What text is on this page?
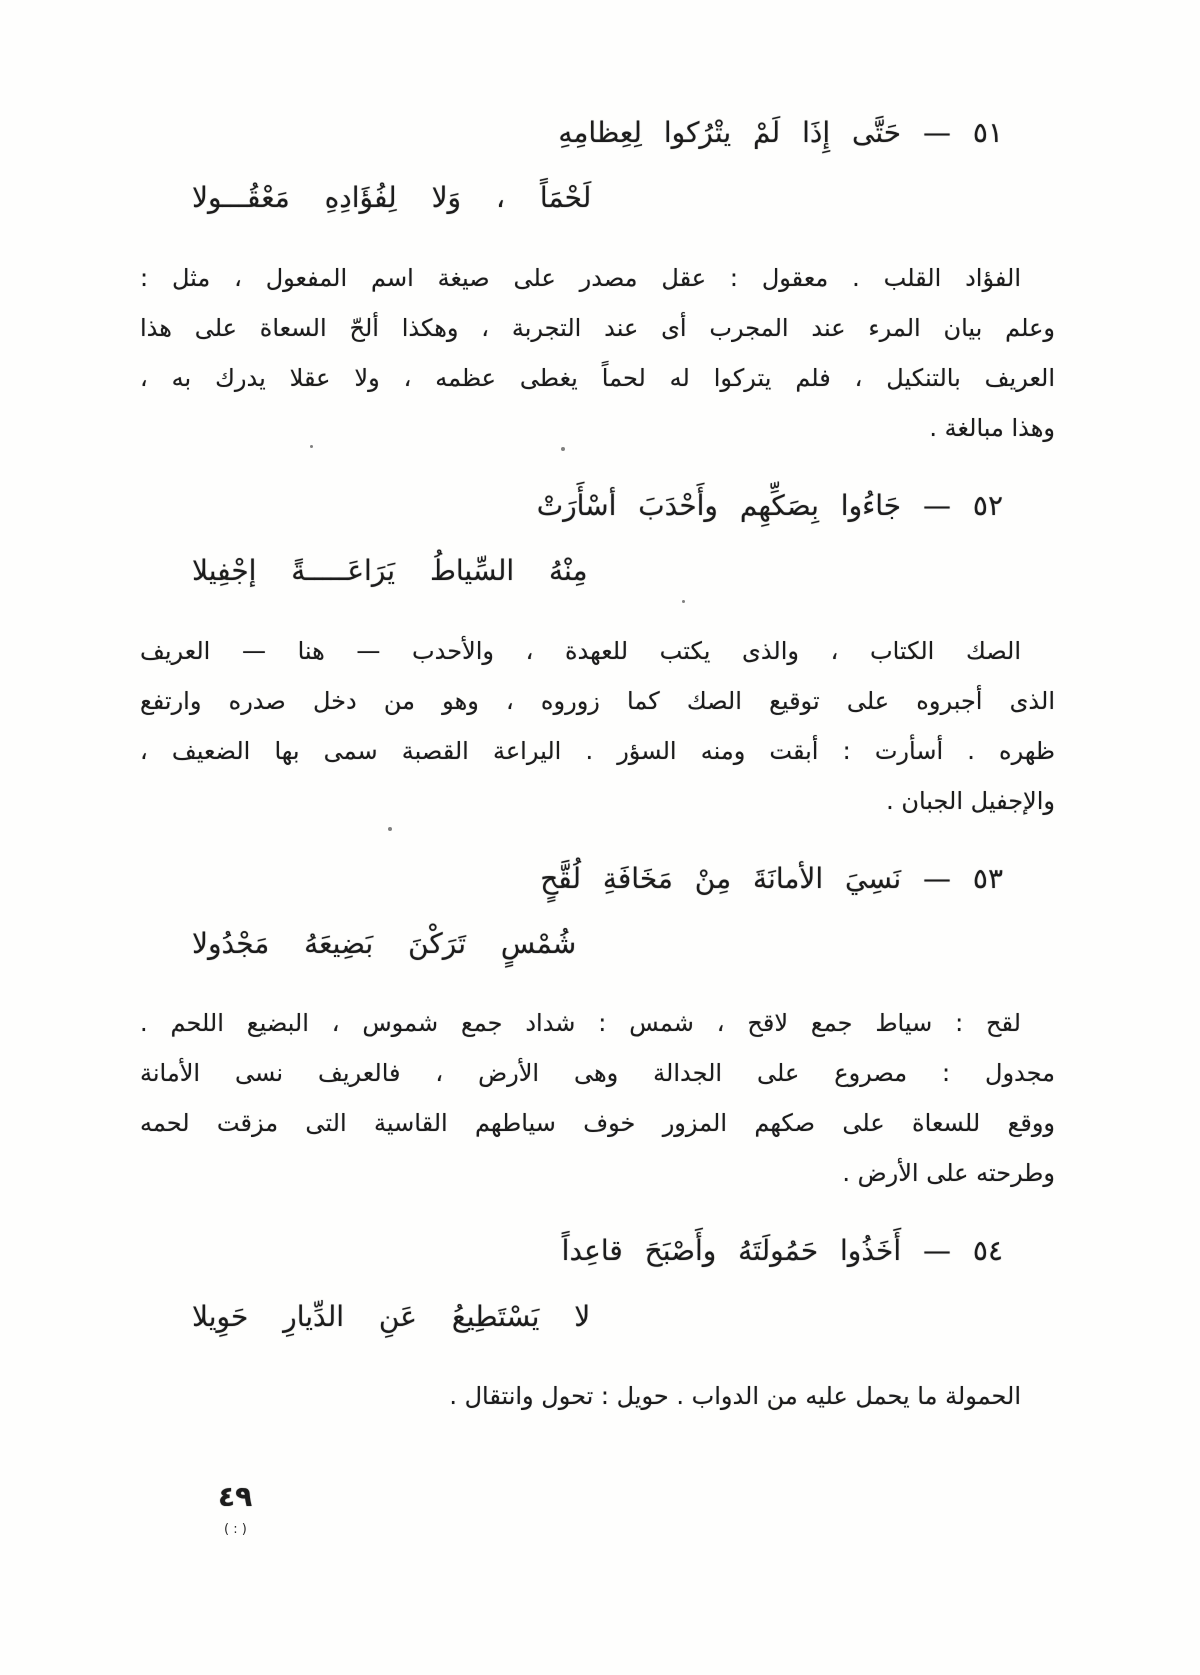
٥١ — حَتَّى إِذَا لَمْ يتْرُكوا لِعِظامِهِ
لَحْمَاً ، وَلا لِفُؤَادِهِ مَعْقُـــولا
الفؤاد القلب . معقول : عقل مصدر على صيغة اسم المفعول ، مثل :
وعلم بيان المرء عند المجرب أى عند التجربة ، وهكذا ألحّ السعاة على هذا
العريف بالتنكيل ، فلم يتركوا له لحماً يغطى عظمه ، ولا عقلا يدرك به ،
وهذا مبالغة .
٥٢ — جَاءُوا بِصَكِّهِم وأَحْدَبَ أسْأَرَتْ
مِنْهُ السِّياطُ يَرَاعَـــــةً إجْفِيلا
الصك الكتاب ، والذى يكتب للعهدة ، والأحدب — هنا — العريف
الذى أجبروه على توقيع الصك كما زوروه ، وهو من دخل صدره وارتفع
ظهره . أسأرت : أبقت ومنه السؤر . اليراعة القصبة سمى بها الضعيف ،
والإجفيل الجبان .
٥٣ — نَسِيَ الأمانَةَ مِنْ مَخَافَةِ لُقَّحٍ
شُمْسٍ تَرَكْنَ بَضِيعَهُ مَجْدُولا
لقح : سياط جمع لاقح ، شمس : شداد جمع شموس ، البضيع اللحم .
مجدول : مصروع على الجدالة وهى الأرض ، فالعريف نسى الأمانة
ووقع للسعاة على صكهم المزور خوف سياطهم القاسية التى مزقت لحمه
وطرحته على الأرض .
٥٤ — أَخَذُوا حَمُولَتَهُ وأَصْبَحَ قاعِداً
لا يَسْتَطِيعُ عَنِ الدِّيارِ حَوِيلا
الحمولة ما يحمل عليه من الدواب . حويل : تحول وانتقال .
٤٩
( : )
